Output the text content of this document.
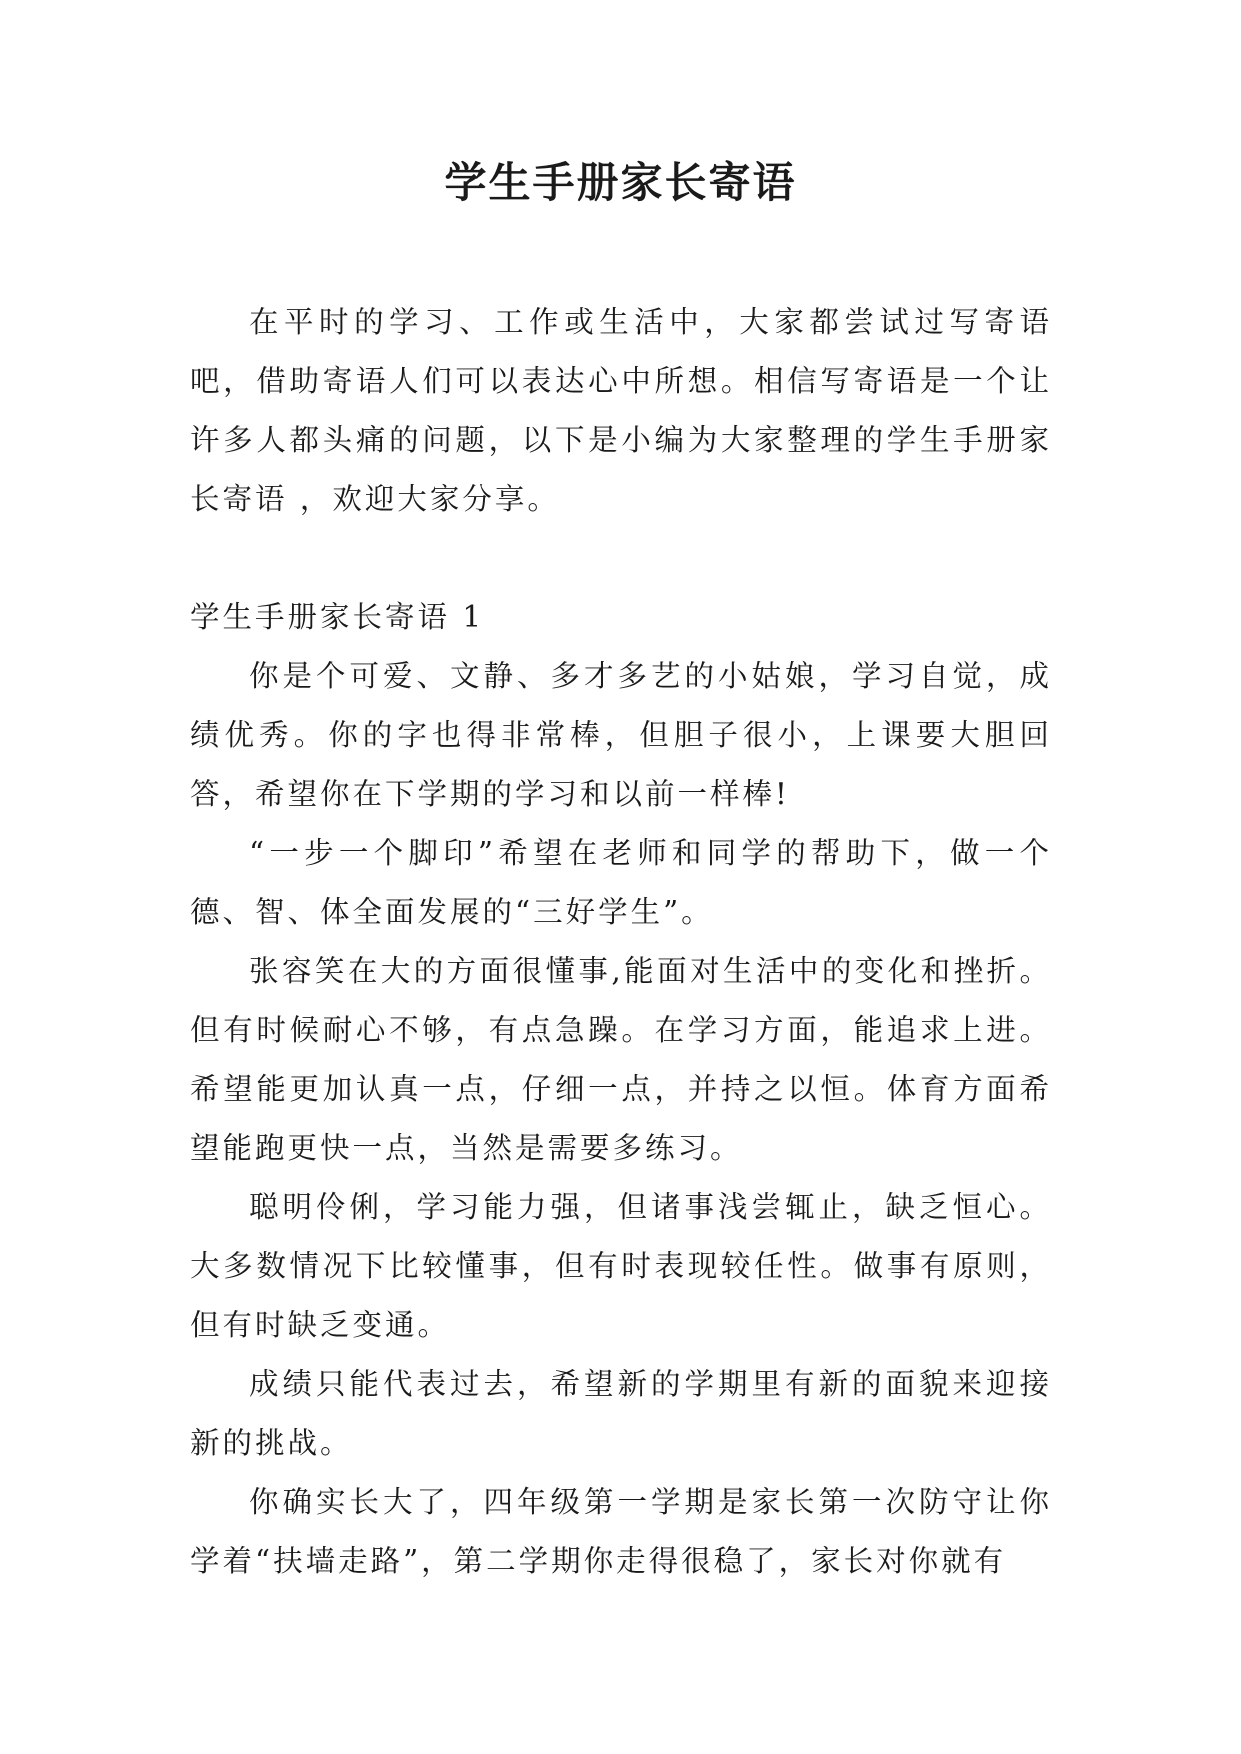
学生手册家长寄语

在平时的学习、工作或生活中，大家都尝试过写寄语吧，借助寄语人们可以表达心中所想。相信写寄语是一个让许多人都头痛的问题，以下是小编为大家整理的学生手册家长寄语 ，欢迎大家分享。

学生手册家长寄语 1

你是个可爱、文静、多才多艺的小姑娘，学习自觉，成绩优秀。你的字也得非常棒，但胆子很小，上课要大胆回答，希望你在下学期的学习和以前一样棒!

“一步一个脚印”希望在老师和同学的帮助下，做一个德、智、体全面发展的“三好学生”。

张容笑在大的方面很懂事,能面对生活中的变化和挫折。但有时候耐心不够，有点急躁。在学习方面，能追求上进。希望能更加认真一点，仔细一点，并持之以恒。体育方面希望能跑更快一点，当然是需要多练习。

聪明伶俐，学习能力强，但诸事浅尝辄止，缺乏恒心。大多数情况下比较懂事，但有时表现较任性。做事有原则，但有时缺乏变通。

成绩只能代表过去，希望新的学期里有新的面貌来迎接新的挑战。

你确实长大了，四年级第一学期是家长第一次防守让你学着“扶墙走路”，第二学期你走得很稳了，家长对你就有
